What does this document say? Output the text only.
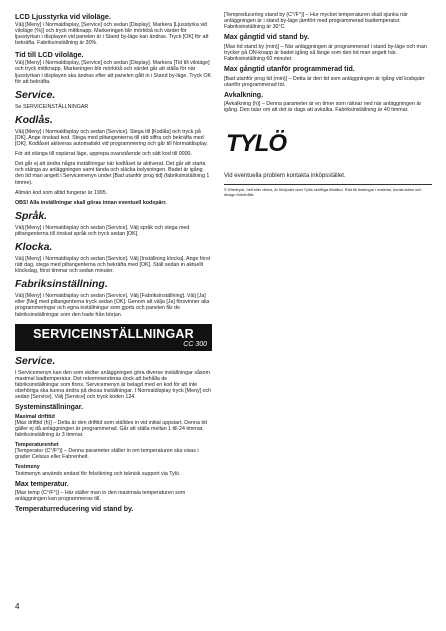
LCD Ljusstyrka vid viloläge.

Välj [Meny] i Normaldisplay, [Service] och sedan [Display]. Markera [Ljusstyrka vid viloläge (%)] och tryck mittknapp. Markeringen blir mörktöå och värdet för ljusstyrkan i displayen vid panelen är i Stand by-läge kan ändras. Tryck [OK] för att bekräfta. Fabriksinställning är 30%.

Tid till LCD viloläge.

Välj [Meny] i Normaldisplay, [Service] och sedan [Display]. Markera [Tid till viloläge] och tryck mittknapp. Markeringen blir mörktöå och värdet går att ställa för när ljusstyrkan i displayen ska ändras efter att panelen gått in i Stand by-läge. Tryck OK för att bekräfta.

Service.

Se SERVICEINSTÄLLNINGAR

Kodlås.

Välj [Meny] i Normaldisplay och sedan [Service]. Stega till [Kodlås] och tryck på [OK]. Ange önskad kod. Stega med piltangenterna till rätt siffra och bekräfta med [OK]. Kodlåset aktiveras automatiskt vid programmering och går till Normaldisplay.

För att stänga till ospärrat läge, upprepa ovanstående och sätt kod till 0000.

Det går ej att ändra några inställningar när kodlåset är aktiverat. Det går att starta och stänga av anläggningen samt tända och släcka belysningen. Badet är igång den tid man angett i Servicemenyn under [Bad utanför prog tid] (fabriksinställning 1 timme).

Allmän kod som alltid fungerar är 1995.

OBS! Alla inställningar skall göras innan eventuell kodspärr.

Språk.

Välj [Meny] i Normaldisplay och sedan [Service]. Välj språk och stega med piltangenterna till önskat språk och tryck sedan [OK].

Klocka.

Välj [Meny] i Normaldisplay och sedan [Service]. Välj [Inställning klocka]. Ange först rätt dag, stega med piltangenterna och bekräfta med [OK]. Ställ sedan in aktuellt klockslag, först timmar och sedan minuter.

Fabriksinställning.

Välj [Meny] i Normaldisplay och sedan [Service]. Välj [Fabriksinställning]. Välj [Ja] eller [Nej] med piltangenterna tryck sedan [OK]. Genom att välja [Ja] försvinner alla programmeringar och egna inställningar som gjorts och panelen får de fabriksinställningar som den hade från början.

SERVICEINSTÄLLNINGAR
CC 300
Service.

I Servicemenyn kan den som sköter anläggningen göra diverse inställningar såsom maximal badtemperatur. Det rekommenderas dock att behålla de fabriksinställningar som finns. Servicemenyn är belagd med en kod för att inte obehöriga ska kunna ändra på dessa inställningar. I Normaldisplay tryck [Meny] och sedan [Service]. Välj [Service] och tryck koden 124.

Systeminställningar.
Maximal drifttid

[Max drifttid (h)] – Delta är den drifttid som ställdes in vid initial uppstart. Denna tid gäller ej då anläggningen är programmerad. Går att ställa mellan 1 till 24 timmar, fabriksinställning är 3 timmar.

Temperaturenhet

[Temperatur (C°/F°)] – Denna parameter ställer in om temperaturen ska visas i grader Celsius eller Fahrenheit.

Testmeny

Testmenyn används endast för felsökning och teknisk support via Tylö.

Max temperatur.

[Max temp (C°/F°)] – Här ställer man in den maximala temperaturen som anläggningen kan programmeras till.

Temperaturreducering vid stand by.

[Tempreducering stand by (C°/F°)] – Hur mycket temperaturen skall sjunka när anläggningen är i stand by-läge jämfört med programmerad badtemperatur. Fabriksinställning är 30°C.

Max gångtid vid stand by.

[Max tid stand by (min)] – När anläggningen är programmerad i stand by-läge och man trycker på ON-knapp är badet igång så länge som den tid man angett här. Fabriksinställning 60 minuter.

Max gångtid utanför programmerad tid.

[Bad utanför prog tid (min)] – Detta är den tid som anläggningen är igång vid kodspärr utanför programmerad tid.

Avkalkning.

[Avkalkning (h)] – Denna parameter är en timer som räknar ned när anläggningen är igång. Den talar om att det är dags att avkalka. Fabriksinställning är 40 timmar.

TYLÖ
Vid eventuella problem kontakta inköpsstället.

© Eftertryck, helt eller delvis, är förbjudet utan Tylös skriftliga tillstånd. Rätt till ändringar i material, konstruktion och design förbehålls.

4
